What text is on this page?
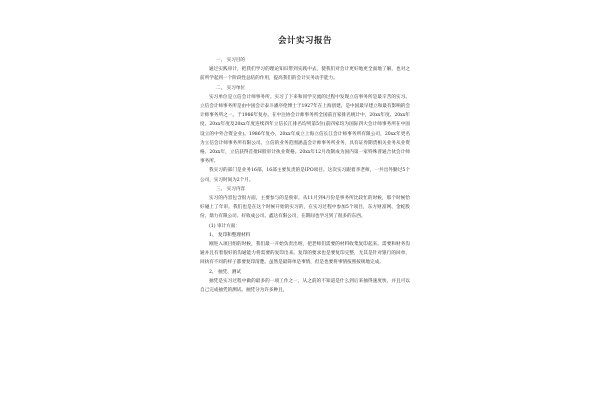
会计实习报告

一、 实习目的

通过实践审计，把我们学习的理论知识带到实践中去，使我们对会计更好地更全面地了解，也对之前所学起到一个阶段性总结的作用，提高我们的会计实务动手能力。

二、 实习单位

实习单位是立信会计师事务所。实习了下来和同学交流的过程中发现立信事务所是最辛苦的实习。立信会计师事务所是由中国会计泰斗潘序伦博士于1927年在上海创建，是中国最早建立和最有影响的会计师事务所之一。于1986年复办。在中注协会计师事务所全国前百家排名统计中，20xx年度、20xx年度、20xx年度及20xx年度连续四年立信长江排名均列第5位(前四家均为国际四大会计师事务所在中国设立的中外合资企业)。1986年复办，20xx年成立上海立信长江会计师事务所有限公司，20xx年更名为立信会计师事务所有限公司。立信的业务范围涵盖会计师事务所业务，具有证券期货相关业务从业资格。20xx年，立信获得首批H股审计执业资格。20xx年12月改制成为国内第一家特殊普通合伙会计师事务所。

我实习的部门是业务16部，16部主要负责的是IPO项目。这次实习跟着李老师，一共出外勤过5个公司，实习时间为2个月。

三、 实习内容

实习的内容包含很方面，主要参与的是预审。从11月到4月份是事务所比较忙的时候，那个时候恰好碰上了年审。我们也是在这个时候开始的实习的，在实习过程中参加5个项目，东方财富网、金蛇股份、鼎力有限公司、好收成公司、鑫达有限公司，在期间也学习到了很多的东西。

(1) 审计方面：

1、 复印和整理材料

刚进入项目组的时候，我们最一开始负责出纳，把老师们需要的材料收集复印起来。需要和财务沟通并且有着很好的沟通能力将需要的复印出来。复印的要求也是要复印完整，尤其是针对银行的回单，回执有不同的样子都要复印清楚。虽然是最简单是事情，但是也要将事情按照按规地完成。

2、 抽凭、测试

抽凭是实习过程中做的最多的一项工作之一，从之前的不知道是什么到后来抽得速度快，并且可以自己完成抽凭的测试。抽凭分为许多种且，
